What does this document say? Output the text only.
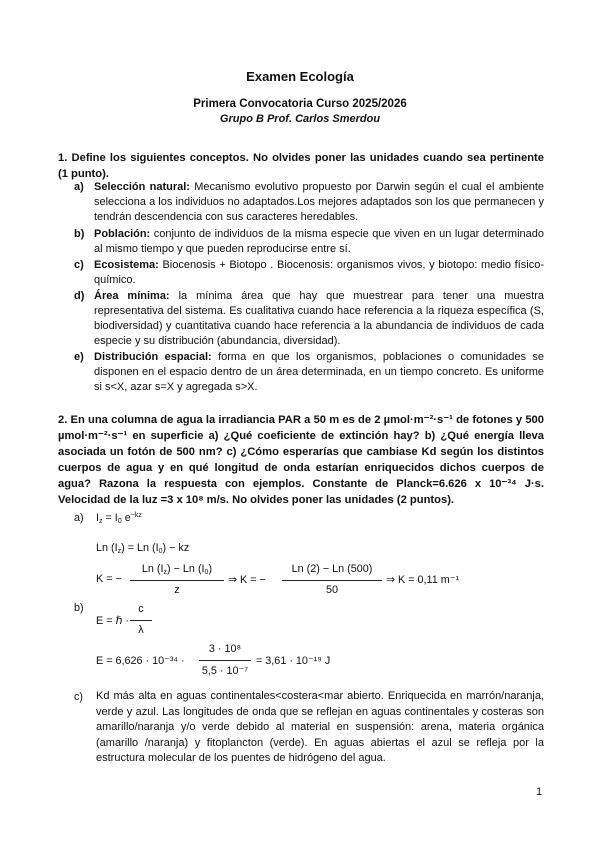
Examen Ecología
Primera Convocatoria Curso 2025/2026
Grupo B Prof. Carlos Smerdou
1. Define los siguientes conceptos. No olvides poner las unidades cuando sea pertinente (1 punto).
a) Selección natural: Mecanismo evolutivo propuesto por Darwin según el cual el ambiente selecciona a los individuos no adaptados.Los mejores adaptados son los que permanecen y tendrán descendencia con sus caracteres heredables.
b) Población: conjunto de individuos de la misma especie que viven en un lugar determinado al mismo tiempo y que pueden reproducirse entre sí.
c) Ecosistema: Biocenosis + Biotopo . Biocenosis: organismos vivos, y biotopo: medio físico-químico.
d) Área mínima: la mínima área que hay que muestrear para tener una muestra representativa del sistema. Es cualitativa cuando hace referencia a la riqueza específica (S, biodiversidad) y cuantitativa cuando hace referencia a la abundancia de individuos de cada especie y su distribución (abundancia, diversidad).
e) Distribución espacial: forma en que los organismos, poblaciones o comunidades se disponen en el espacio dentro de un área determinada, en un tiempo concreto. Es uniforme si s<X, azar s=X y agregada s>X.
2. En una columna de agua la irradiancia PAR a 50 m es de 2 µmol·m⁻²·s⁻¹ de fotones y 500 µmol·m⁻²·s⁻¹ en superficie a) ¿Qué coeficiente de extinción hay? b) ¿Qué energía lleva asociada un fotón de 500 nm? c) ¿Cómo esperarías que cambiase Kd según los distintos cuerpos de agua y en qué longitud de onda estarían enriquecidos dichos cuerpos de agua? Razona la respuesta con ejemplos. Constante de Planck=6.626 x 10⁻³⁴ J·s. Velocidad de la luz =3 x 10⁸ m/s. No olvides poner las unidades (2 puntos).
a) $I_z = I_0$ $e^{-kz}$
Ln $(I_z) = Ln$ $(I_0)$ − kz
K = −
Ln $(I_z) - Ln$ $(I_0)$
z
⇒ K = −
Ln (2) − Ln (500)
50
⇒ K = 0,11 m⁻¹
b)
E = ℏ ·
c
λ
E = 6,626 · 10⁻³⁴ ·
3 · 10⁸
5,5 · 10⁻⁷
= 3,61 · 10⁻¹⁹ J
c) Kd más alta en aguas continentales<costera<mar abierto. Enriquecida en marrón/naranja, verde y azul. Las longitudes de onda que se reflejan en aguas continentales y costeras son amarillo/naranja y/o verde debido al material en suspensión: arena, materia orgánica (amarillo /naranja) y fitoplancton (verde). En aguas abiertas el azul se refleja por la estructura molecular de los puentes de hidrógeno del agua.
1
